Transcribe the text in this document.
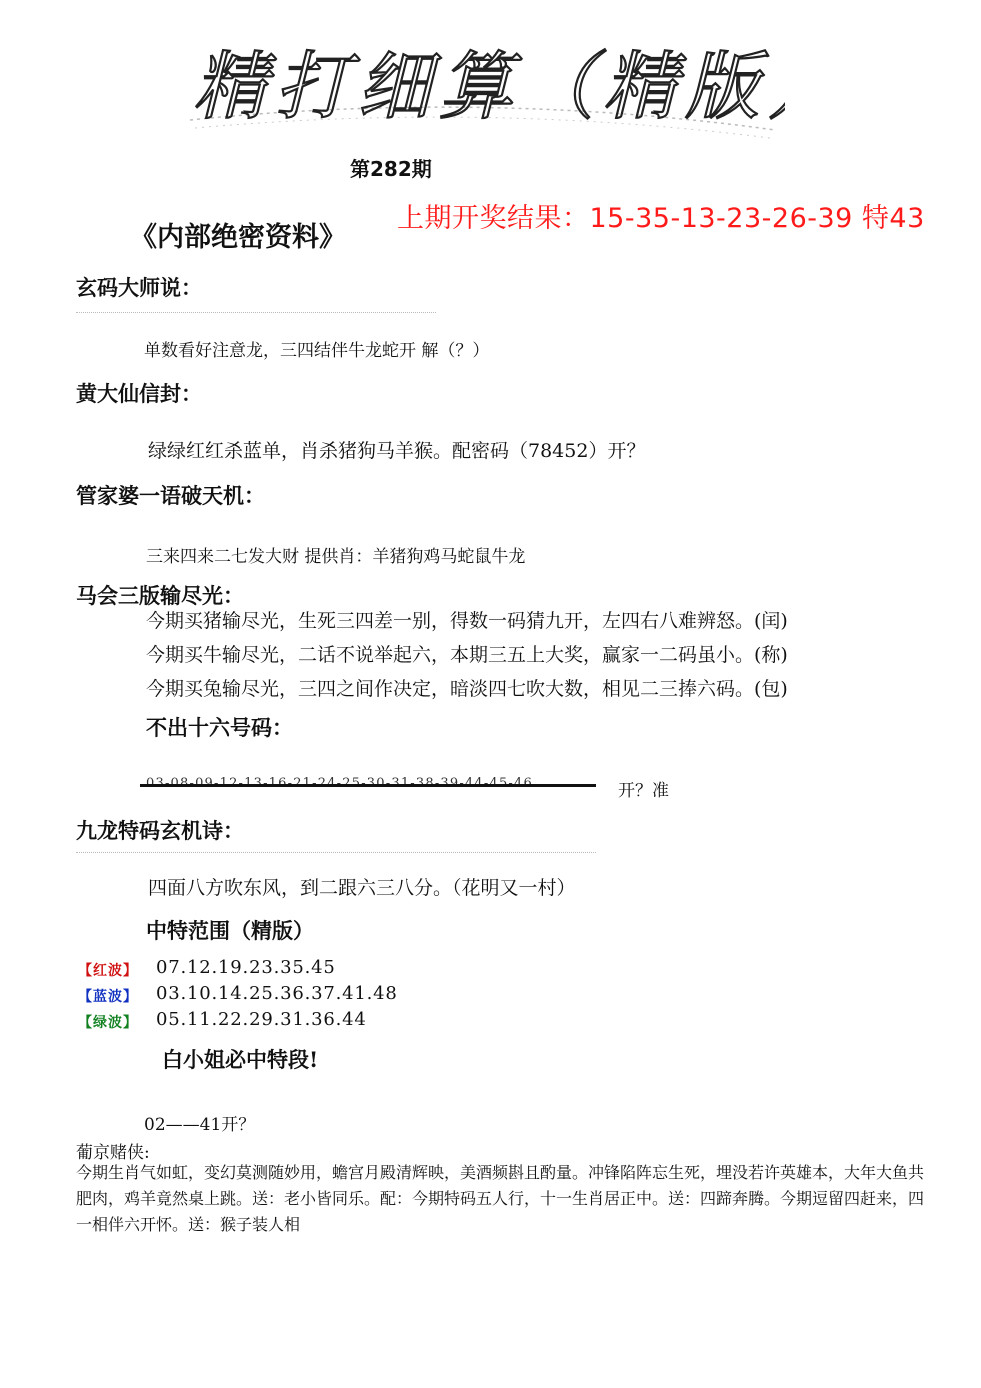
精打细算（精版）
第282期
《内部绝密资料》
上期开奖结果：15-35-13-23-26-39 特43
玄码大师说：
单数看好注意龙，三四结伴牛龙蛇开 解（？）
黄大仙信封：
绿绿红红杀蓝单，肖杀猪狗马羊猴。配密码（78452）开？
管家婆一语破天机：
三来四来二七发大财 提供肖：羊猪狗鸡马蛇鼠牛龙
马会三版输尽光：
今期买猪输尽光，生死三四差一别，得数一码猜九开，左四右八难辨怒。(闰)
今期买牛输尽光，二话不说举起六，本期三五上大奖，赢家一二码虽小。(称)
今期买兔输尽光，三四之间作决定，暗淡四七吹大数，相见二三捧六码。(包)
不出十六号码：
03-08-09-12-13-16-21-24-25-30-31-38-39-44-45-46	开？准
九龙特码玄机诗：
四面八方吹东风，到二跟六三八分。（花明又一村）
中特范围（精版）
【红波】 07.12.19.23.35.45
【蓝波】 03.10.14.25.36.37.41.48
【绿波】 05.11.22.29.31.36.44
白小姐必中特段!
02——41开？
葡京赌侠:
今期生肖气如虹，变幻莫测随妙用，蟾宫月殿清辉映，美酒频斟且酌量。冲锋陷阵忘生死，埋没若许英雄本，大年大鱼共肥肉，鸡羊竟然桌上跳。送：老小皆同乐。配：今期特码五人行，十一生肖居正中。送：四蹄奔腾。今期逗留四赶来，四一相伴六开怀。送：猴子装人相
